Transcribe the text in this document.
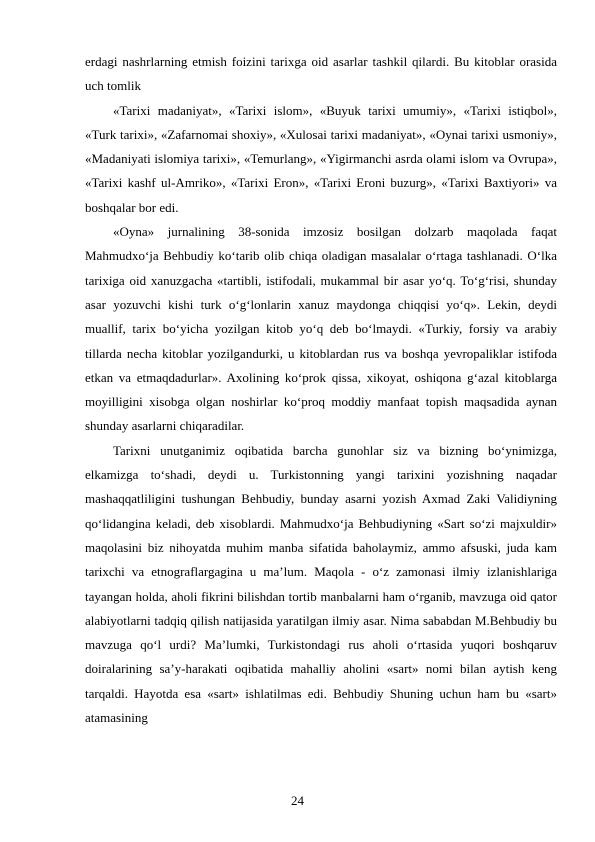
erdagi nashrlarning etmish foizini tarixga oid asarlar tashkil qilardi. Bu kitoblar orasida uch tomlik

«Tarixi madaniyat», «Tarixi islom», «Buyuk tarixi umumiy», «Tarixi istiqbol», «Turk tarixi», «Zafarnomai shoxiy», «Xulosai tarixi madaniyat», «Oynai tarixi usmoniy», «Madaniyati islomiya tarixi», «Temurlang», «Yigirmanchi asrda olami islom va Ovrupa», «Tarixi kashf ul-Amriko», «Tarixi Eron», «Tarixi Eroni buzurg», «Tarixi Baxtiyori» va boshqalar bor edi.

«Oyna» jurnalining 38-sonida imzosiz bosilgan dolzarb maqolada faqat Mahmudxo‘ja Behbudiy ko‘tarib olib chiqa oladigan masalalar o‘rtaga tashlanadi. O‘lka tarixiga oid xanuzgacha «tartibli, istifodali, mukammal bir asar yo‘q. To‘g‘risi, shunday asar yozuvchi kishi turk o‘g‘lonlarin xanuz maydonga chiqqisi yo‘q». Lekin, deydi muallif, tarix bo‘yicha yozilgan kitob yo‘q deb bo‘lmaydi. «Turkiy, forsiy va arabiy tillarda necha kitoblar yozilgandurki, u kitoblardan rus va boshqa yevropaliklar istifoda etkan va etmaqdadurlar». Axolining ko‘prok qissa, xikoyat, oshiqona g‘azal kitoblarga moyilligini xisobga olgan noshirlar ko‘proq moddiy manfaat topish maqsadida aynan shunday asarlarni chiqaradilar.

Tarixni unutganimiz oqibatida barcha gunohlar siz va bizning bo‘ynimizga, elkamizga to‘shadi, deydi u. Turkistonning yangi tarixini yozishning naqadar mashaqqatliligini tushungan Behbudiy, bunday asarni yozish Axmad Zaki Validiyning qo‘lidangina keladi, deb xisoblardi. Mahmudxo‘ja Behbudiyning «Sart so‘zi majxuldir» maqolasini biz nihoyatda muhim manba sifatida baholaymiz, ammo afsuski, juda kam tarixchi va etnograflargagina u ma’lum. Maqola - o‘z zamonasi ilmiy izlanishlariga tayangan holda, aholi fikrini bilishdan tortib manbalarni ham o‘rganib, mavzuga oid qator alabiyotlarni tadqiq qilish natijasida yaratilgan ilmiy asar. Nima sababdan M.Behbudiy bu mavzuga qo‘l urdi? Ma’lumki, Turkistondagi rus aholi o‘rtasida yuqori boshqaruv doiralarining sa’y-harakati oqibatida mahalliy aholini «sart» nomi bilan aytish keng tarqaldi. Hayotda esa «sart» ishlatilmas edi. Behbudiy Shuning uchun ham bu «sart» atamasining

24
